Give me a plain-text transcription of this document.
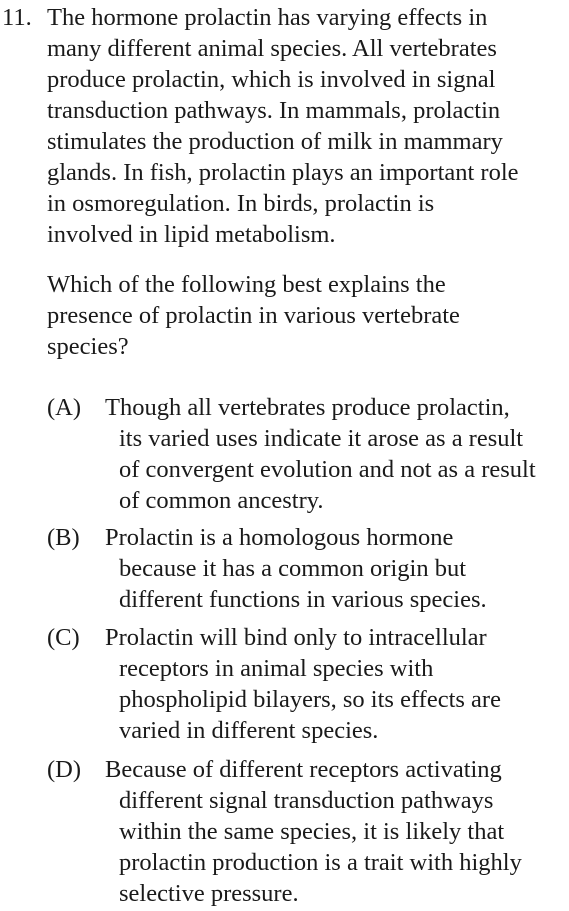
11. The hormone prolactin has varying effects in
many different animal species. All vertebrates
produce prolactin, which is involved in signal
transduction pathways. In mammals, prolactin
stimulates the production of milk in mammary
glands. In fish, prolactin plays an important role
in osmoregulation. In birds, prolactin is
involved in lipid metabolism.
Which of the following best explains the
presence of prolactin in various vertebrate
species?
(A) Though all vertebrates produce prolactin,
its varied uses indicate it arose as a result
of convergent evolution and not as a result
of common ancestry.
(B) Prolactin is a homologous hormone
because it has a common origin but
different functions in various species.
(C) Prolactin will bind only to intracellular
receptors in animal species with
phospholipid bilayers, so its effects are
varied in different species.
(D) Because of different receptors activating
different signal transduction pathways
within the same species, it is likely that
prolactin production is a trait with highly
selective pressure.
